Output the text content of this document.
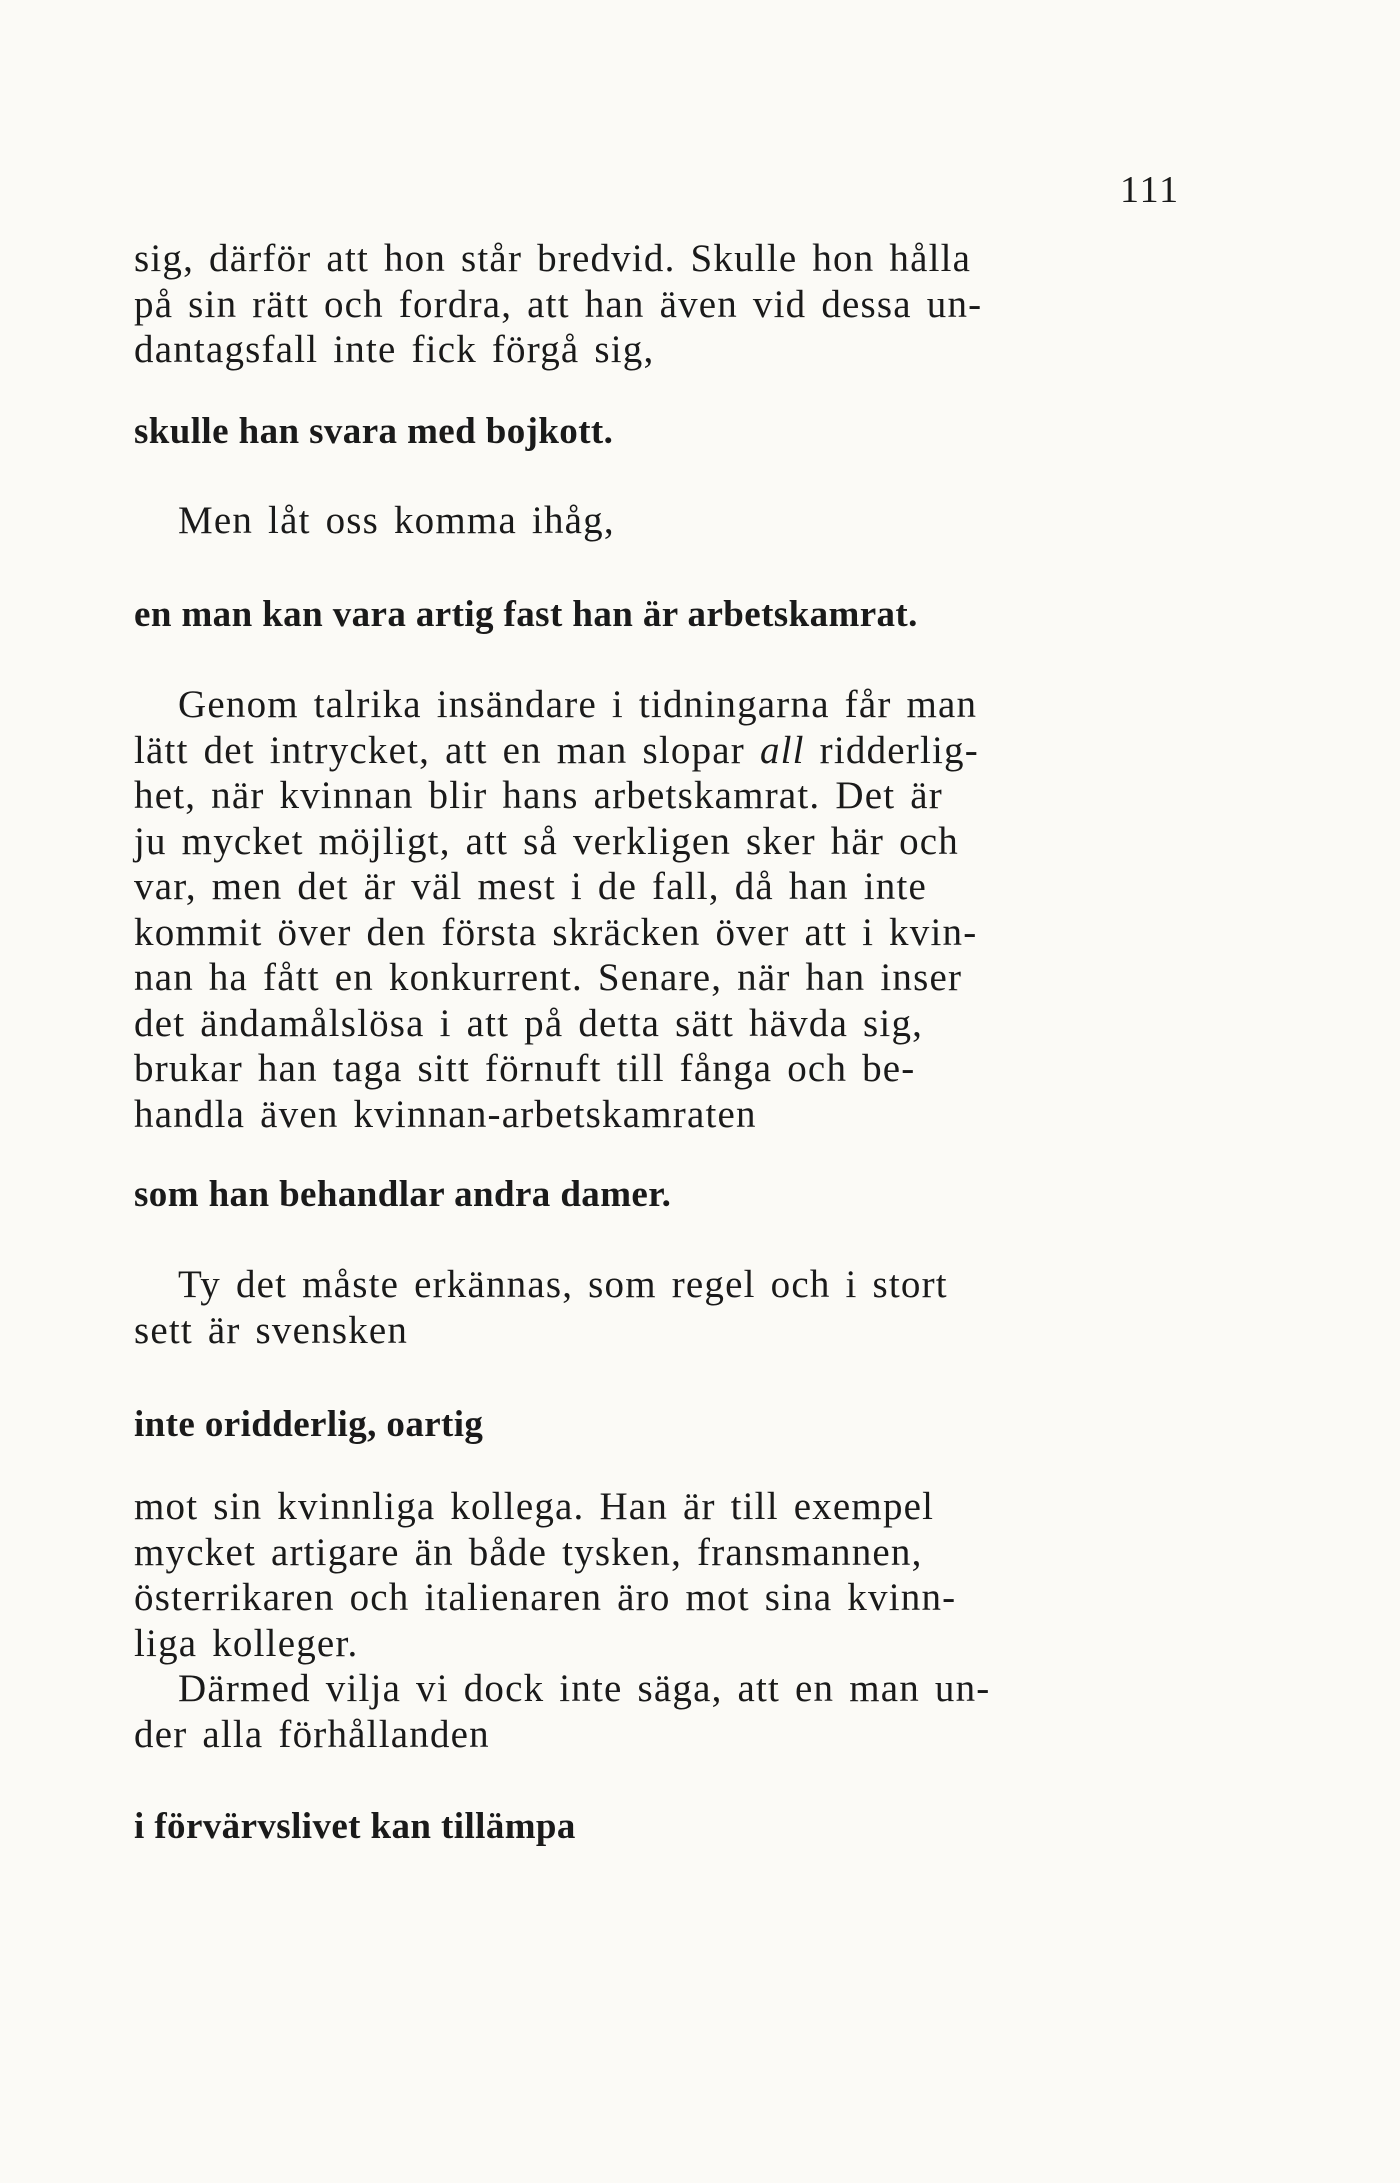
111

sig, därför att hon står bredvid. Skulle hon hålla
på sin rätt och fordra, att han även vid dessa un-
dantagsfall inte fick förgå sig,

skulle han svara med bojkott.

Men låt oss komma ihåg,

en man kan vara artig fast han är arbetskamrat.

Genom talrika insändare i tidningarna får man
lätt det intrycket, att en man slopar all ridderlig-
het, när kvinnan blir hans arbetskamrat. Det är
ju mycket möjligt, att så verkligen sker här och
var, men det är väl mest i de fall, då han inte
kommit över den första skräcken över att i kvin-
nan ha fått en konkurrent. Senare, när han inser
det ändamålslösa i att på detta sätt hävda sig,
brukar han taga sitt förnuft till fånga och be-
handla även kvinnan-arbetskamraten

som han behandlar andra damer.

Ty det måste erkännas, som regel och i stort
sett är svensken

inte oridderlig, oartig

mot sin kvinnliga kollega. Han är till exempel
mycket artigare än både tysken, fransmannen,
österrikaren och italienaren äro mot sina kvinn-
liga kolleger.

Därmed vilja vi dock inte säga, att en man un-
der alla förhållanden

i förvärvslivet kan tillämpa
